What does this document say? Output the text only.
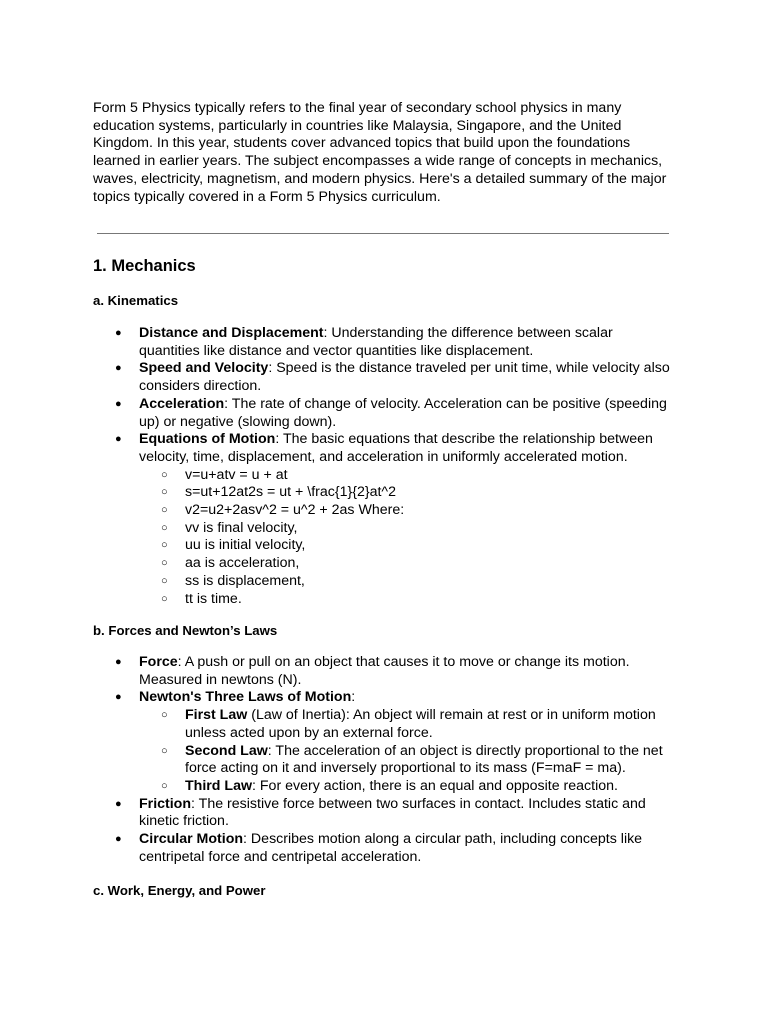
Form 5 Physics typically refers to the final year of secondary school physics in many education systems, particularly in countries like Malaysia, Singapore, and the United Kingdom. In this year, students cover advanced topics that build upon the foundations learned in earlier years. The subject encompasses a wide range of concepts in mechanics, waves, electricity, magnetism, and modern physics. Here's a detailed summary of the major topics typically covered in a Form 5 Physics curriculum.

1. Mechanics
a. Kinematics
● Distance and Displacement: Understanding the difference between scalar quantities like distance and vector quantities like displacement.
● Speed and Velocity: Speed is the distance traveled per unit time, while velocity also considers direction.
● Acceleration: The rate of change of velocity. Acceleration can be positive (speeding up) or negative (slowing down).
● Equations of Motion: The basic equations that describe the relationship between velocity, time, displacement, and acceleration in uniformly accelerated motion.
○ v=u+atv = u + at
○ s=ut+12at2s = ut + \frac{1}{2}at^2
○ v2=u2+2asv^2 = u^2 + 2as Where:
○ vv is final velocity,
○ uu is initial velocity,
○ aa is acceleration,
○ ss is displacement,
○ tt is time.
b. Forces and Newton’s Laws
● Force: A push or pull on an object that causes it to move or change its motion. Measured in newtons (N).
● Newton's Three Laws of Motion:
○ First Law (Law of Inertia): An object will remain at rest or in uniform motion unless acted upon by an external force.
○ Second Law: The acceleration of an object is directly proportional to the net force acting on it and inversely proportional to its mass (F=maF = ma).
○ Third Law: For every action, there is an equal and opposite reaction.
● Friction: The resistive force between two surfaces in contact. Includes static and kinetic friction.
● Circular Motion: Describes motion along a circular path, including concepts like centripetal force and centripetal acceleration.
c. Work, Energy, and Power
